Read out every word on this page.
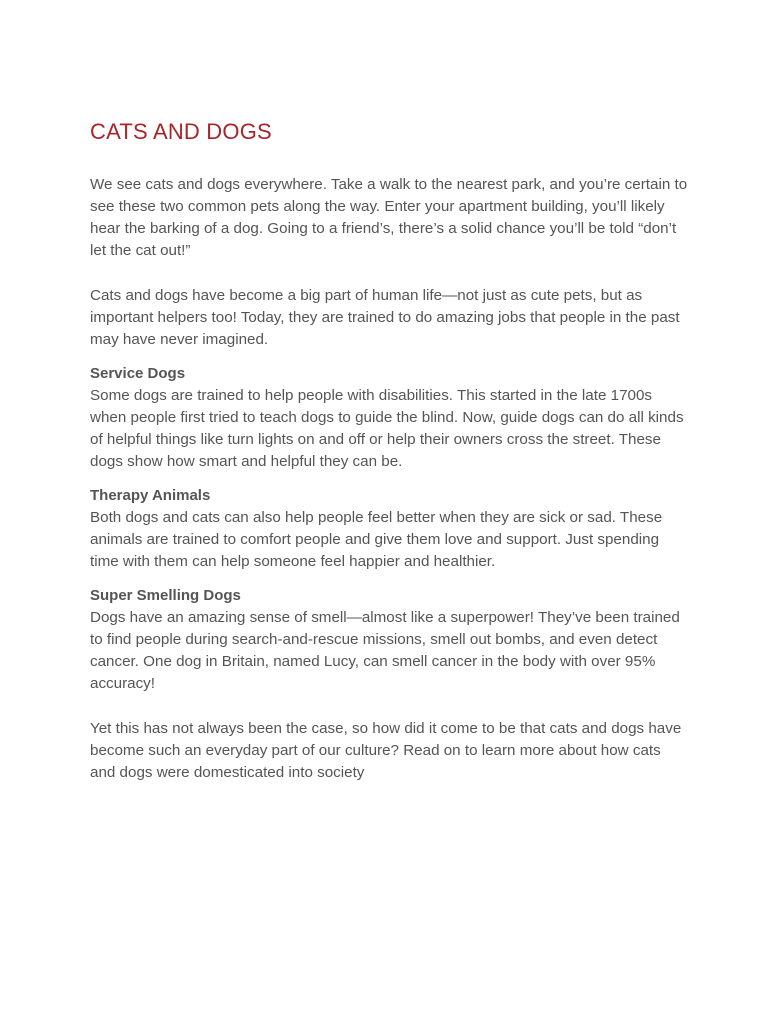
CATS AND DOGS

We see cats and dogs everywhere. Take a walk to the nearest park, and you’re certain to see these two common pets along the way. Enter your apartment building, you’ll likely hear the barking of a dog. Going to a friend’s, there’s a solid chance you’ll be told “don’t let the cat out!”

Cats and dogs have become a big part of human life—not just as cute pets, but as important helpers too! Today, they are trained to do amazing jobs that people in the past may have never imagined.

Service Dogs

Some dogs are trained to help people with disabilities. This started in the late 1700s when people first tried to teach dogs to guide the blind. Now, guide dogs can do all kinds of helpful things like turn lights on and off or help their owners cross the street. These dogs show how smart and helpful they can be.

Therapy Animals

Both dogs and cats can also help people feel better when they are sick or sad. These animals are trained to comfort people and give them love and support. Just spending time with them can help someone feel happier and healthier.

Super Smelling Dogs

Dogs have an amazing sense of smell—almost like a superpower! They’ve been trained to find people during search-and-rescue missions, smell out bombs, and even detect cancer. One dog in Britain, named Lucy, can smell cancer in the body with over 95% accuracy!

Yet this has not always been the case, so how did it come to be that cats and dogs have become such an everyday part of our culture? Read on to learn more about how cats and dogs were domesticated into society
